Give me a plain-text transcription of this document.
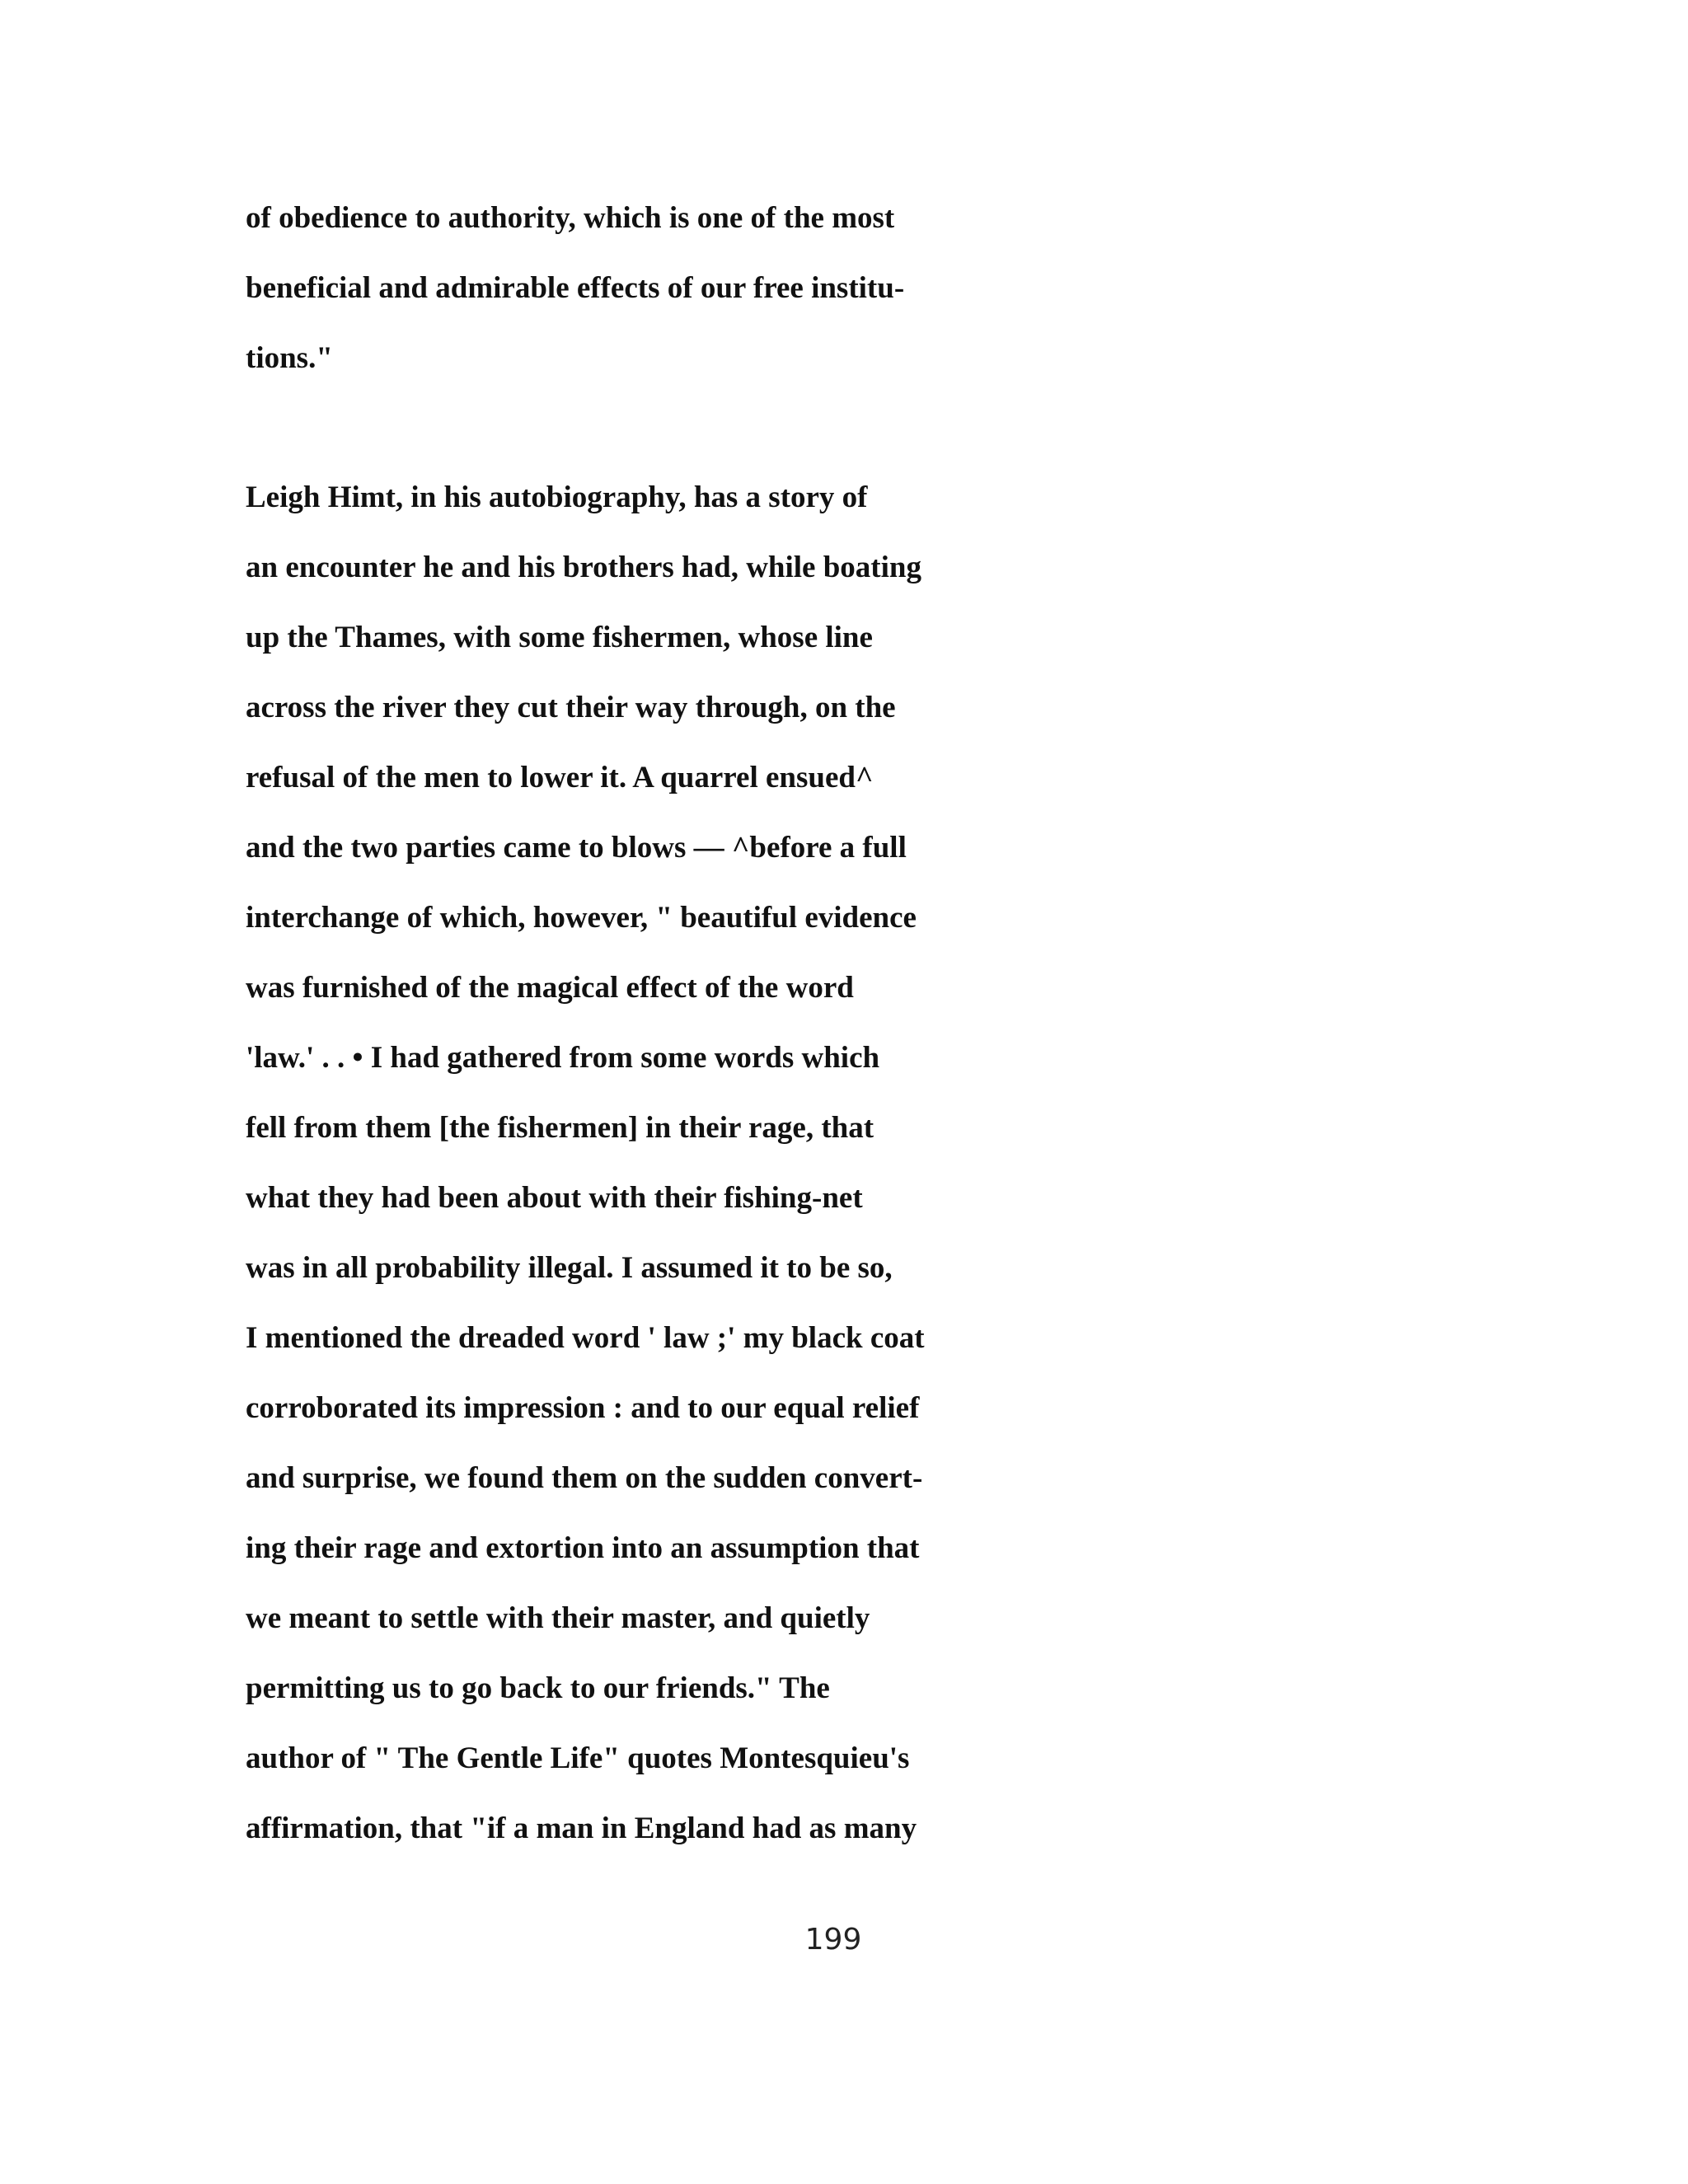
of obedience to authority, which is one of the most
beneficial and admirable effects of our free institu-
tions."
Leigh Himt, in his autobiography, has a story of
an encounter he and his brothers had, while boating
up the Thames, with some fishermen, whose line
across the river they cut their way through, on the
refusal of the men to lower it. A quarrel ensued^
and the two parties came to blows — ^before a full
interchange of which, however, " beautiful evidence
was furnished of the magical effect of the word
'law.' . . • I had gathered from some words which
fell from them [the fishermen] in their rage, that
what they had been about with their fishing-net
was in all probability illegal. I assumed it to be so,
I mentioned the dreaded word ' law ;' my black coat
corroborated its impression : and to our equal relief
and surprise, we found them on the sudden convert-
ing their rage and extortion into an assumption that
we meant to settle with their master, and quietly
permitting us to go back to our friends." The
author of " The Gentle Life" quotes Montesquieu's
affirmation, that "if a man in England had as many
199
